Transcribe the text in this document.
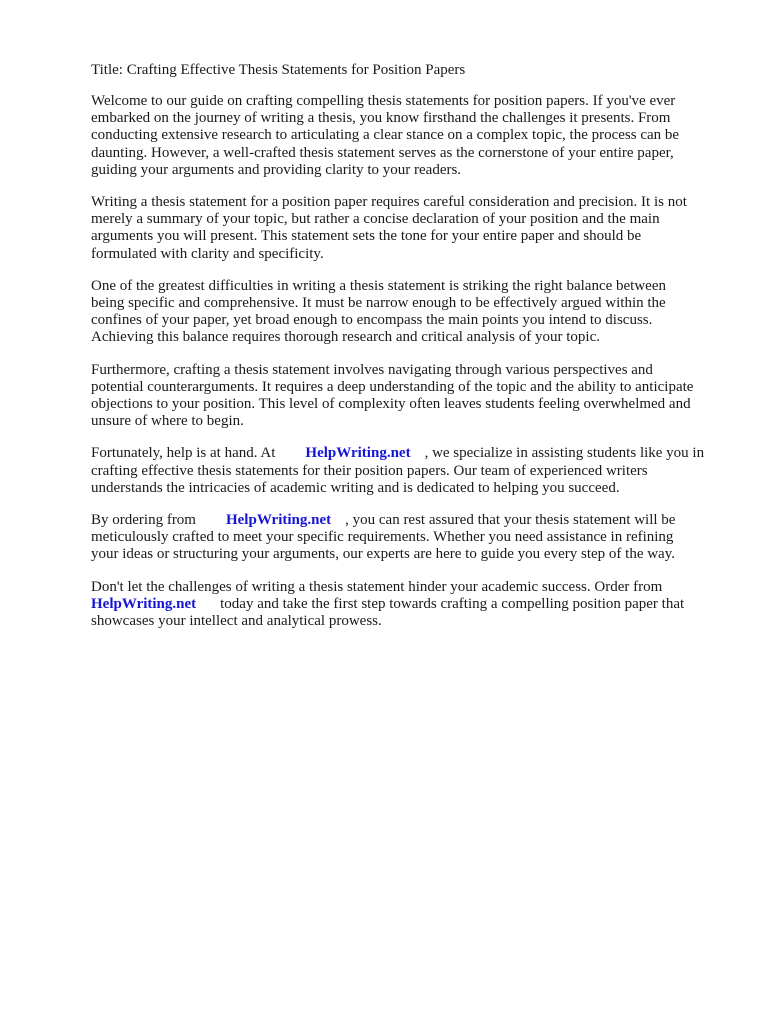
Title: Crafting Effective Thesis Statements for Position Papers
Welcome to our guide on crafting compelling thesis statements for position papers. If you've ever
embarked on the journey of writing a thesis, you know firsthand the challenges it presents. From
conducting extensive research to articulating a clear stance on a complex topic, the process can be
daunting. However, a well-crafted thesis statement serves as the cornerstone of your entire paper,
guiding your arguments and providing clarity to your readers.
Writing a thesis statement for a position paper requires careful consideration and precision. It is not
merely a summary of your topic, but rather a concise declaration of your position and the main
arguments you will present. This statement sets the tone for your entire paper and should be
formulated with clarity and specificity.
One of the greatest difficulties in writing a thesis statement is striking the right balance between
being specific and comprehensive. It must be narrow enough to be effectively argued within the
confines of your paper, yet broad enough to encompass the main points you intend to discuss.
Achieving this balance requires thorough research and critical analysis of your topic.
Furthermore, crafting a thesis statement involves navigating through various perspectives and
potential counterarguments. It requires a deep understanding of the topic and the ability to anticipate
objections to your position. This level of complexity often leaves students feeling overwhelmed and
unsure of where to begin.
Fortunately, help is at hand. At HelpWriting.net , we specialize in assisting students like you in
crafting effective thesis statements for their position papers. Our team of experienced writers
understands the intricacies of academic writing and is dedicated to helping you succeed.
By ordering from HelpWriting.net , you can rest assured that your thesis statement will be
meticulously crafted to meet your specific requirements. Whether you need assistance in refining
your ideas or structuring your arguments, our experts are here to guide you every step of the way.
Don't let the challenges of writing a thesis statement hinder your academic success. Order from
HelpWriting.net today and take the first step towards crafting a compelling position paper that
showcases your intellect and analytical prowess.
